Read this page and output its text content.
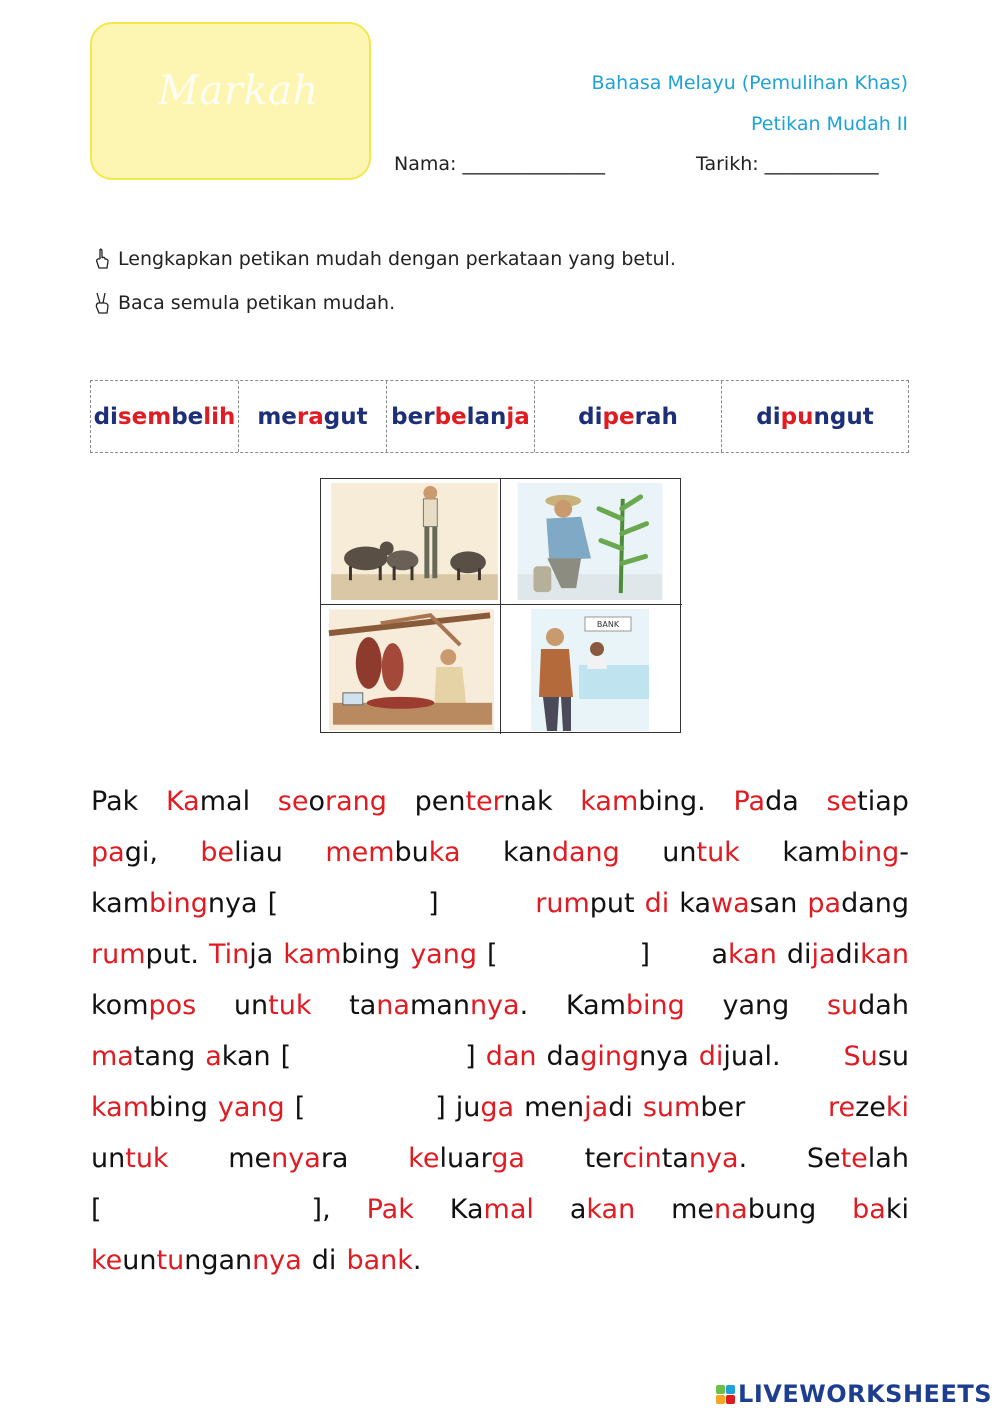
Markah	Bahasa Melayu (Pemulihan Khas)
Petikan Mudah II
Nama: _______________	Tarikh: ____________
Lengkapkan petikan mudah dengan perkataan yang betul.
Baca semula petikan mudah.
disembelih meragut berbelanja diperah	dipungut
BANK
Pak Kamal seorang penternak kambing. Pada setiap
pagi, beliau membuka kandang untuk kambing-
kambingnya [	]	rumput di kawasan padang
rumput. Tinja kambing yang [	] akan dijadikan
kompos untuk tanamannya. Kambing yang sudah
matang akan [	] dan dagingnya dijual. Susu
kambing yang [	] juga menjadi sumber	rezeki
untuk menyara keluarga tercintanya. Setelah
[	], Pak Kamal akan menabung baki
keuntungannya di bank.
LIVEWORKSHEETS
